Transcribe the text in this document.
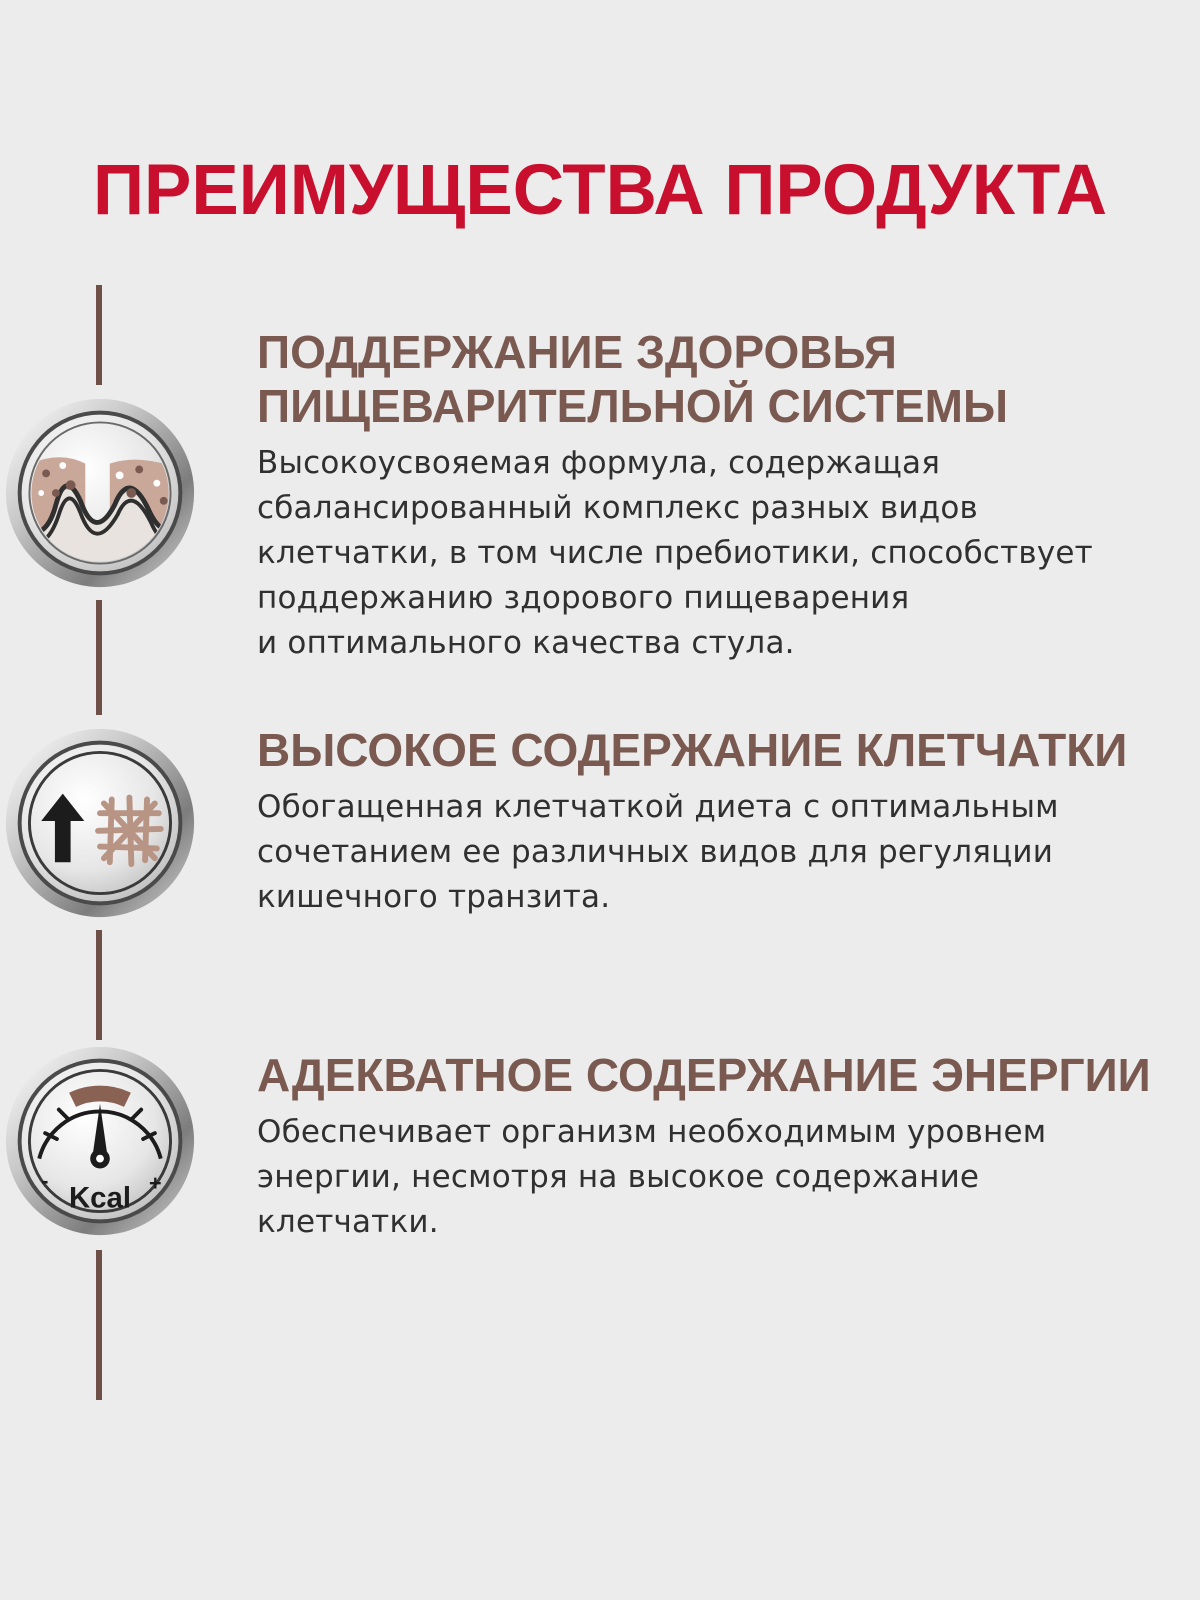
ПРЕИМУЩЕСТВА ПРОДУКТА
-	+
Kcal
ПОДДЕРЖАНИЕ ЗДОРОВЬЯ
ПИЩЕВАРИТЕЛЬНОЙ СИСТЕМЫ

Высокоусвояемая формула, содержащая
сбалансированный комплекс разных видов
клетчатки, в том числе пребиотики, способствует
поддержанию здорового пищеварения
и оптимального качества стула.

ВЫСОКОЕ СОДЕРЖАНИЕ КЛЕТЧАТКИ

Обогащенная клетчаткой диета с оптимальным
сочетанием ее различных видов для регуляции
кишечного транзита.

АДЕКВАТНОЕ СОДЕРЖАНИЕ ЭНЕРГИИ

Обеспечивает организм необходимым уровнем
энергии, несмотря на высокое содержание
клетчатки.
